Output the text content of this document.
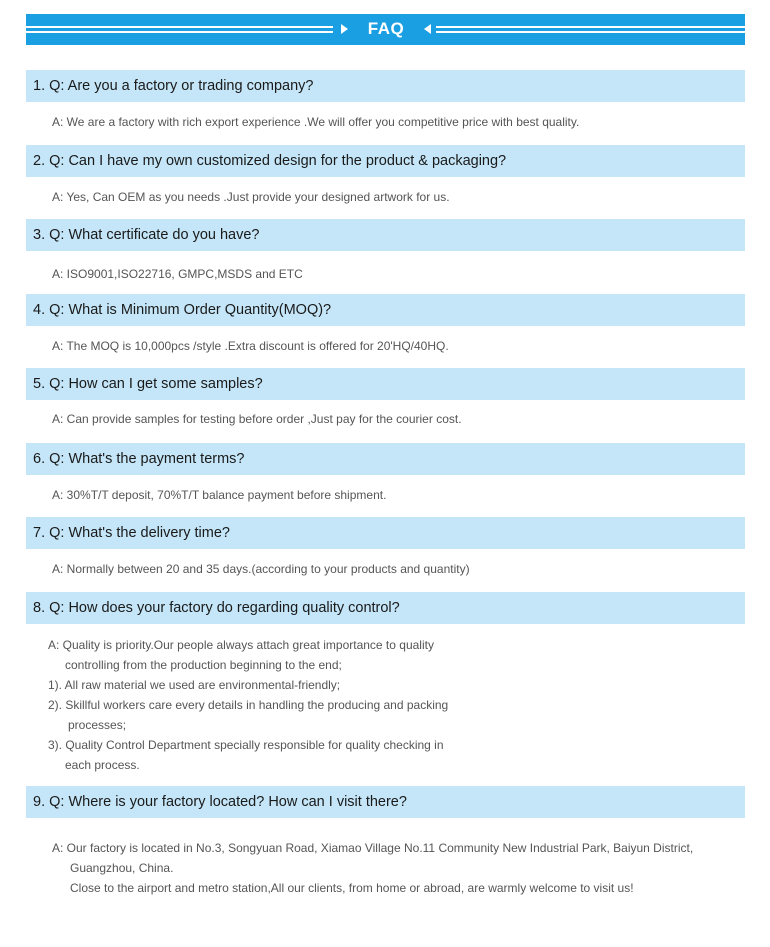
FAQ
1. Q: Are you a factory or trading company?
A: We are a factory with rich export experience .We will offer you competitive price with best quality.
2. Q: Can I have my own customized design for the product & packaging?
A: Yes, Can OEM as you needs .Just provide your designed artwork for us.
3. Q: What certificate do you have?
A: ISO9001,ISO22716, GMPC,MSDS and ETC
4. Q: What is Minimum Order Quantity(MOQ)?
A: The MOQ is 10,000pcs /style .Extra discount is offered for 20'HQ/40HQ.
5. Q: How can I get some samples?
A: Can provide samples for testing before order ,Just pay for the courier cost.
6. Q: What's the payment terms?
A: 30%T/T deposit, 70%T/T balance payment before shipment.
7. Q: What's the delivery time?
A: Normally between 20 and 35 days.(according to your products and quantity)
8. Q: How does your factory do regarding quality control?
A: Quality is priority.Our people always attach great importance to quality
controlling from the production beginning to the end;
1). All raw material we used are environmental-friendly;
2). Skillful workers care every details in handling the producing and packing
processes;
3). Quality Control Department specially responsible for quality checking in
each process.
9. Q: Where is your factory located? How can I visit there?
A: Our factory is located in No.3, Songyuan Road, Xiamao Village No.11 Community New Industrial Park, Baiyun District,
Guangzhou, China.
Close to the airport and metro station,All our clients, from home or abroad, are warmly welcome to visit us!
